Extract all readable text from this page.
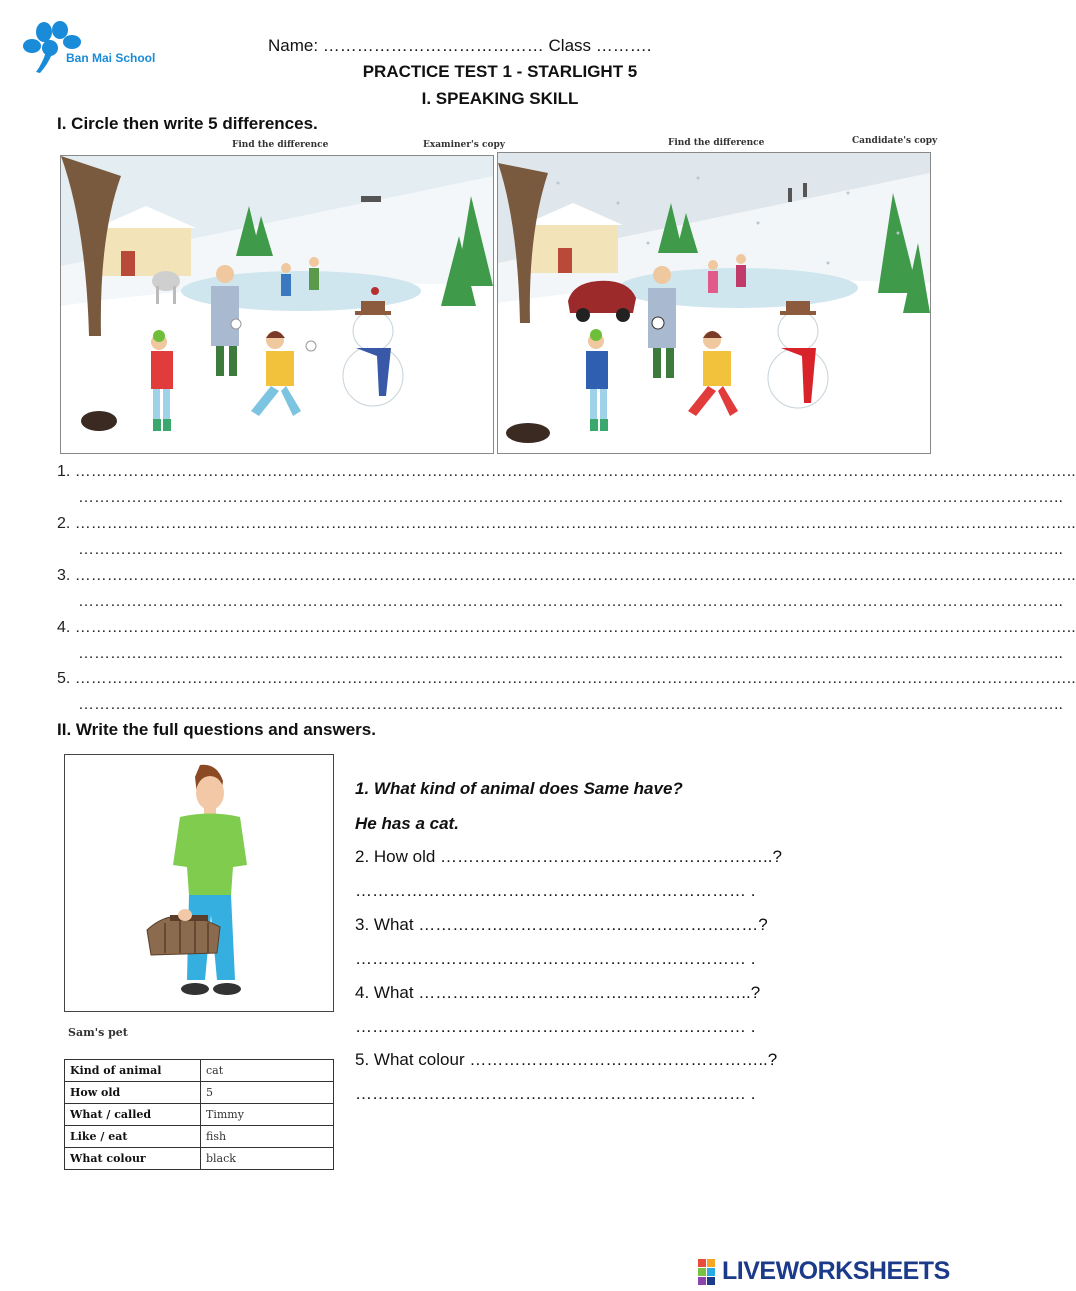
Ban Mai School
Name: ………………………………… Class ……….
PRACTICE TEST 1 - STARLIGHT 5
I. SPEAKING SKILL
I. Circle then write 5 differences.
Find the difference	Examiner's copy	Find the difference	Candidate's copy
1. ……………………………………………………………………………………………………………………………………………………………………..
…………………………………………………………………………………………………………………………………………………………………..
2. ……………………………………………………………………………………………………………………………………………………………………..
…………………………………………………………………………………………………………………………………………………………………..
3. ……………………………………………………………………………………………………………………………………………………………………..
…………………………………………………………………………………………………………………………………………………………………..
4. ……………………………………………………………………………………………………………………………………………………………………..
…………………………………………………………………………………………………………………………………………………………………..
5. ……………………………………………………………………………………………………………………………………………………………………..
…………………………………………………………………………………………………………………………………………………………………..
II. Write the full questions and answers.
Sam's pet
Kind of animal	cat
How old	5
What / called	Timmy
Like / eat	fish
What colour	black
1. What kind of animal does Same have?
He has a cat.
2. How old …………………………………………………..?
…………………………………………………………… .
3. What ……………………………………………………?
…………………………………………………………… .
4. What …………………………………………………..?
…………………………………………………………… .
5. What colour ……………………………………………..?
…………………………………………………………… .
LIVEWORKSHEETS
